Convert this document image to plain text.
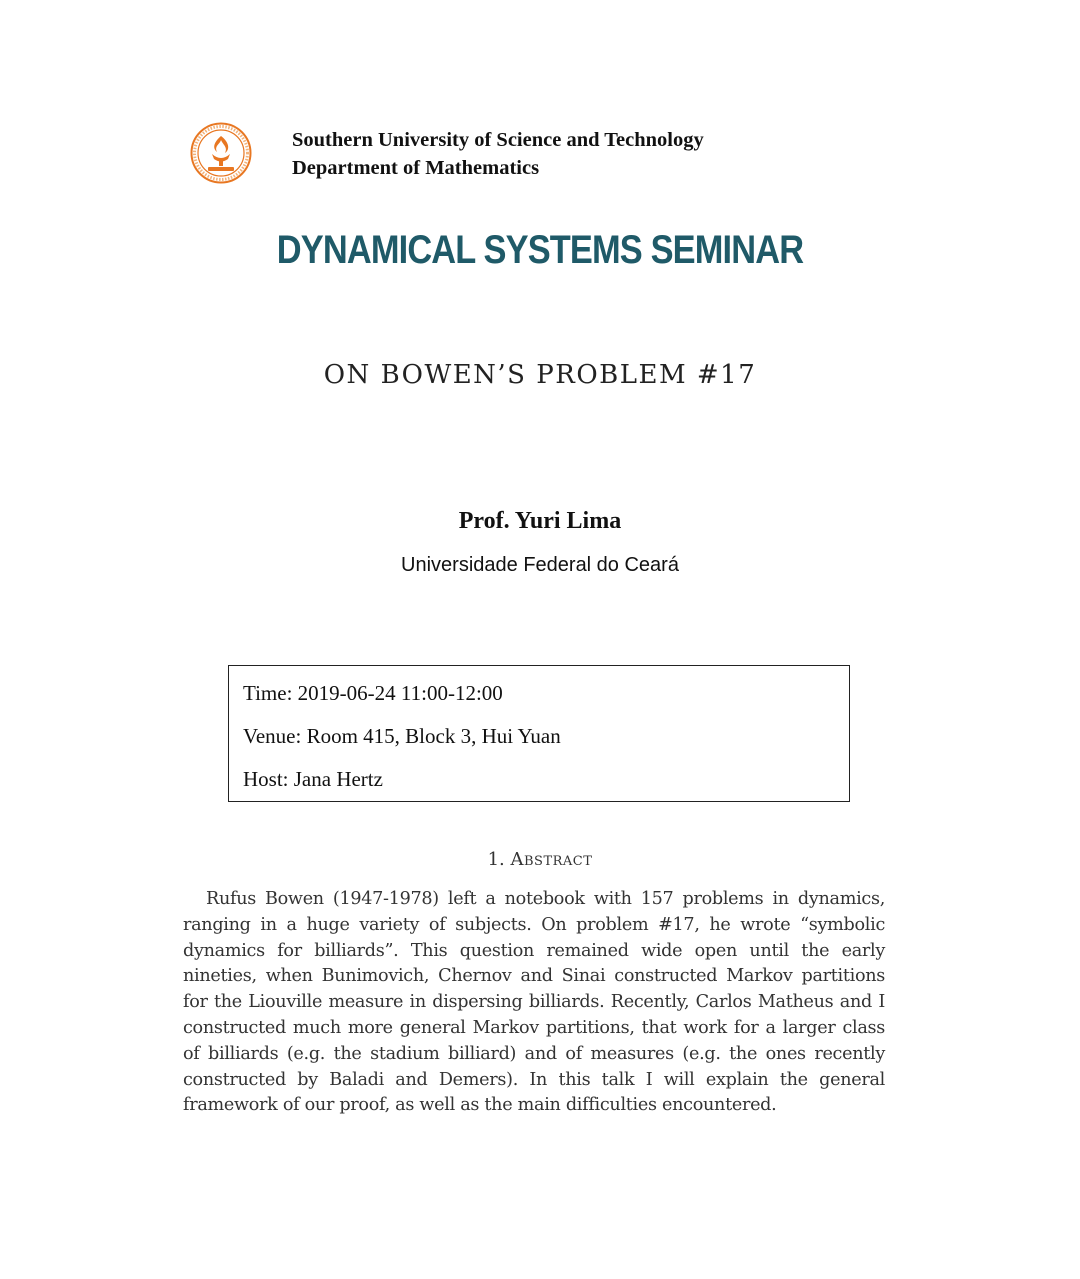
Southern University of Science and Technology
Department of Mathematics
DYNAMICAL SYSTEMS SEMINAR
ON BOWEN’S PROBLEM #17
Prof. Yuri Lima
Universidade Federal do Ceará
Time: 2019-06-24 11:00-12:00
Venue: Room 415, Block 3, Hui Yuan
Host: Jana Hertz
1. Abstract
Rufus Bowen (1947-1978) left a notebook with 157 problems in dynamics, ranging in a huge variety of subjects. On problem #17, he wrote “symbolic dynamics for billiards”. This question remained wide open until the early nineties, when Bunimovich, Chernov and Sinai constructed Markov partitions for the Liouville measure in dispersing billiards. Recently, Carlos Matheus and I constructed much more general Markov partitions, that work for a larger class of billiards (e.g. the stadium billiard) and of measures (e.g. the ones recently constructed by Baladi and Demers). In this talk I will explain the general framework of our proof, as well as the main difficulties encountered.
